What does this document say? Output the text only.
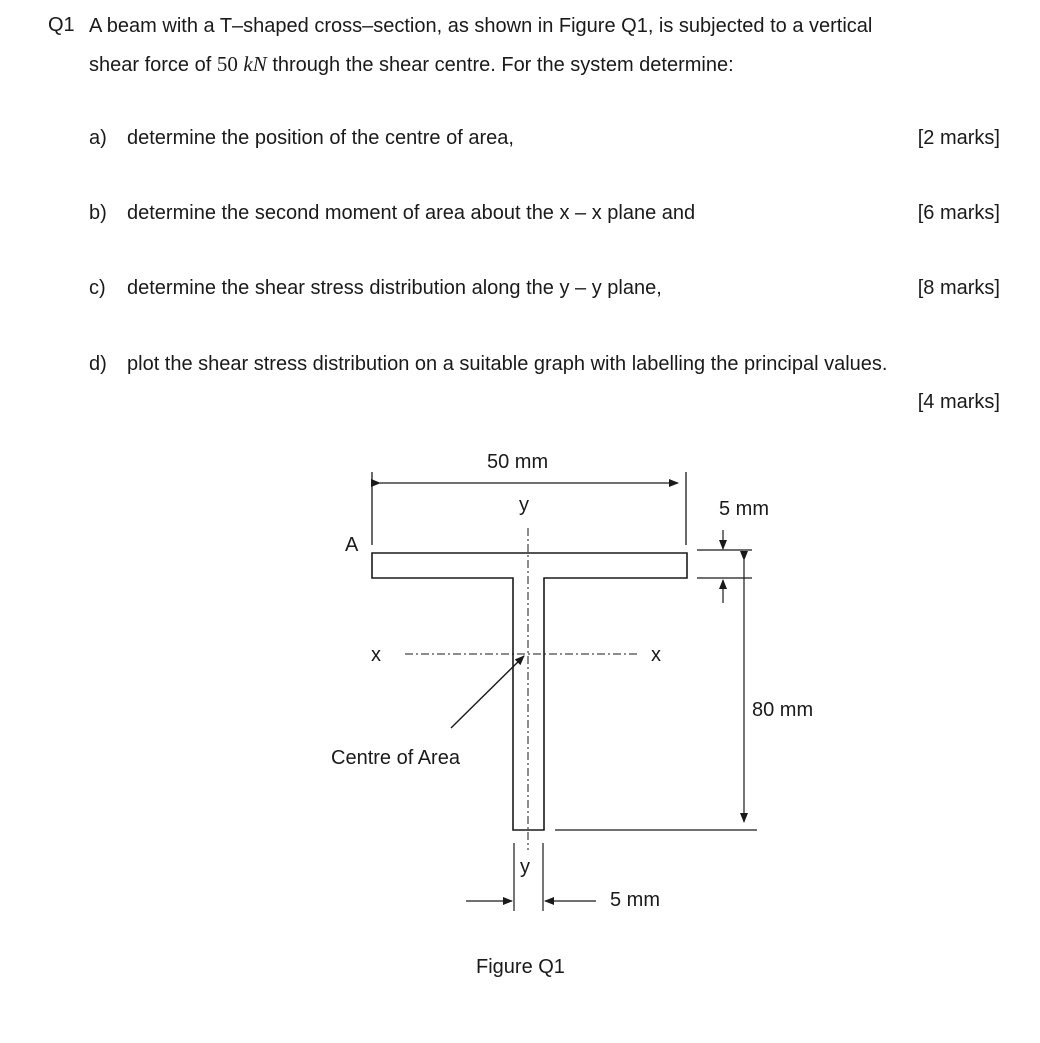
Q1 A beam with a T–shaped cross–section, as shown in Figure Q1, is subjected to a vertical
shear force of 50 kN through the shear centre. For the system determine:
a) determine the position of the centre of area,	[2 marks]
b) determine the second moment of area about the x – x plane and	[6 marks]
c) determine the shear stress distribution along the y – y plane,	[8 marks]
d) plot the shear stress distribution on a suitable graph with labelling the principal values.
[4 marks]
50 mm
A
y
y
x	x
Centre of Area
5 mm
80 mm
5 mm
Figure Q1
